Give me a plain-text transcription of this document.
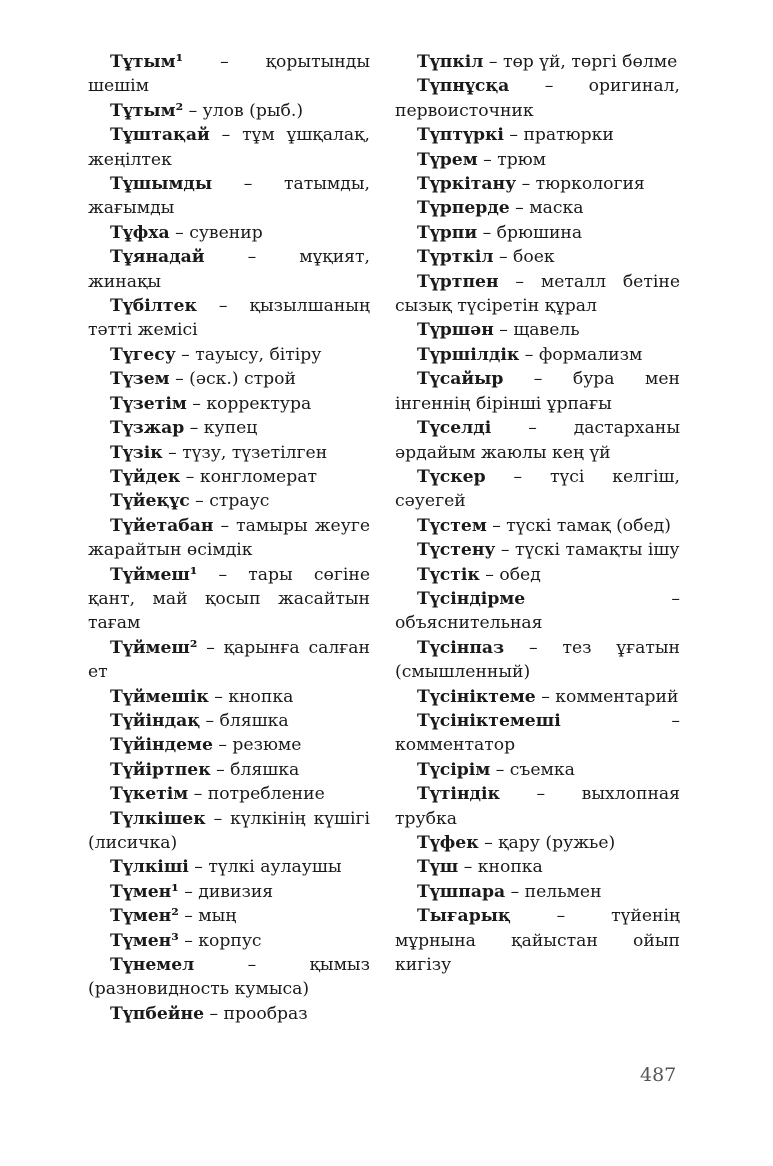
Тұтым¹ – қорытынды шешім

Тұтым² – улов (рыб.)

Тұштақай – тұм ұшқалақ, жеңілтек

Тұшымды – татымды, жағымды

Тұфха – сувенир

Тұянадай – мұқият, жинақы

Түбілтек – қызылшаның тәтті жемісі

Түгесу – тауысу, бітіру

Түзем – (әск.) строй

Түзетім – корректура

Түзжар – купец

Түзік – түзу, түзетілген

Түйдек – конгломерат

Түйеқұс – страус

Түйетабан – тамыры жеуге жарайтын өсімдік

Түймеш¹ – тары сөгіне қант, май қосып жасайтын тағам

Түймеш² – қарынға салған ет

Түймешік – кнопка

Түйіндақ – бляшка

Түйіндеме – резюме

Түйіртпек – бляшка

Түкетім – потребление

Түлкішек – күлкінің күшігі (лисичка)

Түлкіші – түлкі аулаушы

Түмен¹ – дивизия

Түмен² – мың

Түмен³ – корпус

Түнемел – қымыз (разновидность кумыса)

Түпбейне – прообраз

Түпкіл – төр үй, төргі бөлме

Түпнұсқа – оригинал, первоисточник

Түптүркі – пратюрки

Түрем – трюм

Түркітану – тюркология

Түрперде – маска

Түрпи – брюшина

Түрткіл – боек

Түртпен – металл бетіне сызық түсіретін құрал

Түршән – щавель

Түршілдік – формализм

Түсайыр – бура мен інгеннің бірінші ұрпағы

Түселді – дастарханы әрдайым жаюлы кең үй

Түскер – түсі келгіш, сәуегей

Түстем – түскі тамақ (обед)

Түстену – түскі тамақты ішу

Түстік – обед

Түсіндірме – объяснительная

Түсінпаз – тез ұғатын (смышленный)

Түсініктеме – комментарий

Түсініктемеші – комментатор

Түсірім – съемка

Түтіндік – выхлопная трубка

Түфек – қару (ружье)

Түш – кнопка

Түшпара – пельмен

Тығарық – түйенің мұрнына қайыстан ойып кигізу

487
